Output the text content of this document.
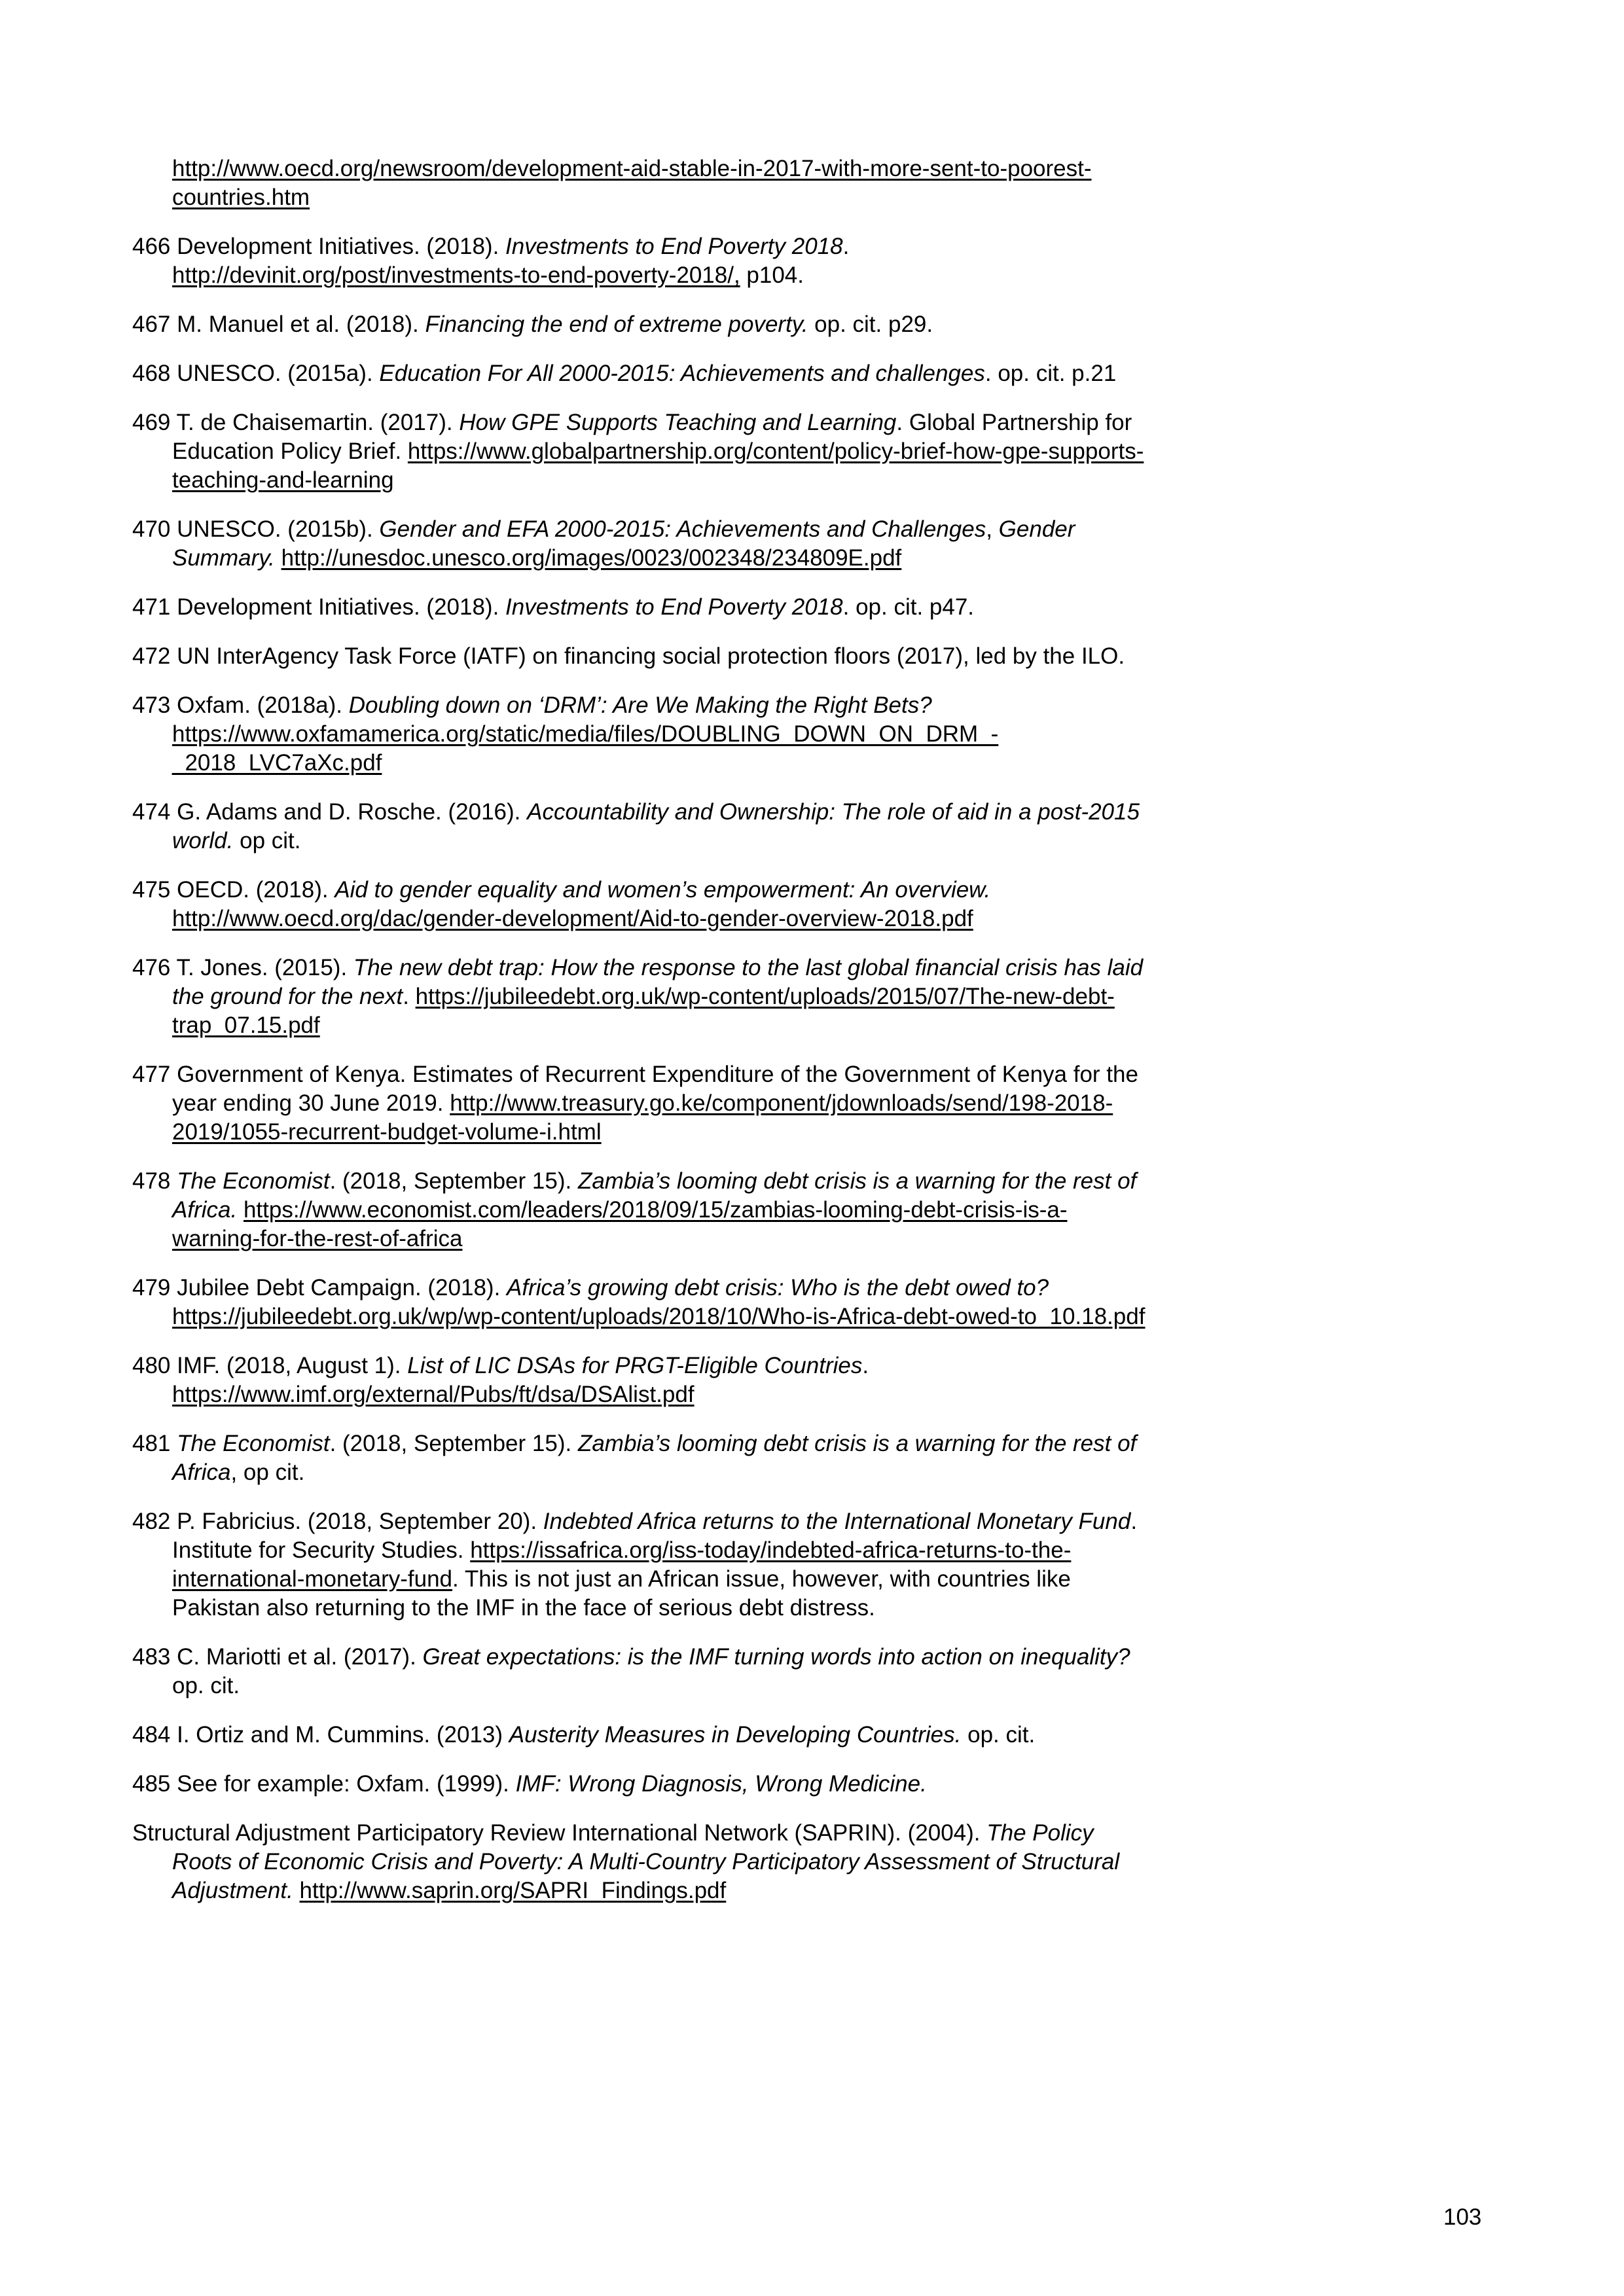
http://www.oecd.org/newsroom/development-aid-stable-in-2017-with-more-sent-to-poorest-countries.htm

466 Development Initiatives. (2018). Investments to End Poverty 2018. http://devinit.org/post/investments-to-end-poverty-2018/, p104.

467 M. Manuel et al. (2018). Financing the end of extreme poverty. op. cit. p29.

468 UNESCO. (2015a). Education For All 2000-2015: Achievements and challenges. op. cit. p.21

469 T. de Chaisemartin. (2017). How GPE Supports Teaching and Learning. Global Partnership for Education Policy Brief. https://www.globalpartnership.org/content/policy-brief-how-gpe-supports-teaching-and-learning

470 UNESCO. (2015b). Gender and EFA 2000-2015: Achievements and Challenges, Gender Summary. http://unesdoc.unesco.org/images/0023/002348/234809E.pdf

471 Development Initiatives. (2018). Investments to End Poverty 2018. op. cit. p47.

472 UN InterAgency Task Force (IATF) on financing social protection floors (2017), led by the ILO.

473 Oxfam. (2018a). Doubling down on ‘DRM’: Are We Making the Right Bets? https://www.oxfamamerica.org/static/media/files/DOUBLING_DOWN_ON_DRM_-_2018_LVC7aXc.pdf

474 G. Adams and D. Rosche. (2016). Accountability and Ownership: The role of aid in a post-2015 world. op cit.

475 OECD. (2018). Aid to gender equality and women’s empowerment: An overview. http://www.oecd.org/dac/gender-development/Aid-to-gender-overview-2018.pdf

476 T. Jones. (2015). The new debt trap: How the response to the last global financial crisis has laid the ground for the next. https://jubileedebt.org.uk/wp-content/uploads/2015/07/The-new-debt-trap_07.15.pdf

477 Government of Kenya. Estimates of Recurrent Expenditure of the Government of Kenya for the year ending 30 June 2019. http://www.treasury.go.ke/component/jdownloads/send/198-2018-2019/1055-recurrent-budget-volume-i.html

478 The Economist. (2018, September 15). Zambia’s looming debt crisis is a warning for the rest of Africa. https://www.economist.com/leaders/2018/09/15/zambias-looming-debt-crisis-is-a-warning-for-the-rest-of-africa

479 Jubilee Debt Campaign. (2018). Africa’s growing debt crisis: Who is the debt owed to? https://jubileedebt.org.uk/wp/wp-content/uploads/2018/10/Who-is-Africa-debt-owed-to_10.18.pdf

480 IMF. (2018, August 1). List of LIC DSAs for PRGT-Eligible Countries. https://www.imf.org/external/Pubs/ft/dsa/DSAlist.pdf

481 The Economist. (2018, September 15). Zambia’s looming debt crisis is a warning for the rest of Africa, op cit.

482 P. Fabricius. (2018, September 20). Indebted Africa returns to the International Monetary Fund. Institute for Security Studies. https://issafrica.org/iss-today/indebted-africa-returns-to-the-international-monetary-fund. This is not just an African issue, however, with countries like Pakistan also returning to the IMF in the face of serious debt distress.

483 C. Mariotti et al. (2017). Great expectations: is the IMF turning words into action on inequality? op. cit.

484 I. Ortiz and M. Cummins. (2013) Austerity Measures in Developing Countries. op. cit.

485 See for example: Oxfam. (1999). IMF: Wrong Diagnosis, Wrong Medicine.

Structural Adjustment Participatory Review International Network (SAPRIN). (2004). The Policy Roots of Economic Crisis and Poverty: A Multi-Country Participatory Assessment of Structural Adjustment. http://www.saprin.org/SAPRI_Findings.pdf

103
